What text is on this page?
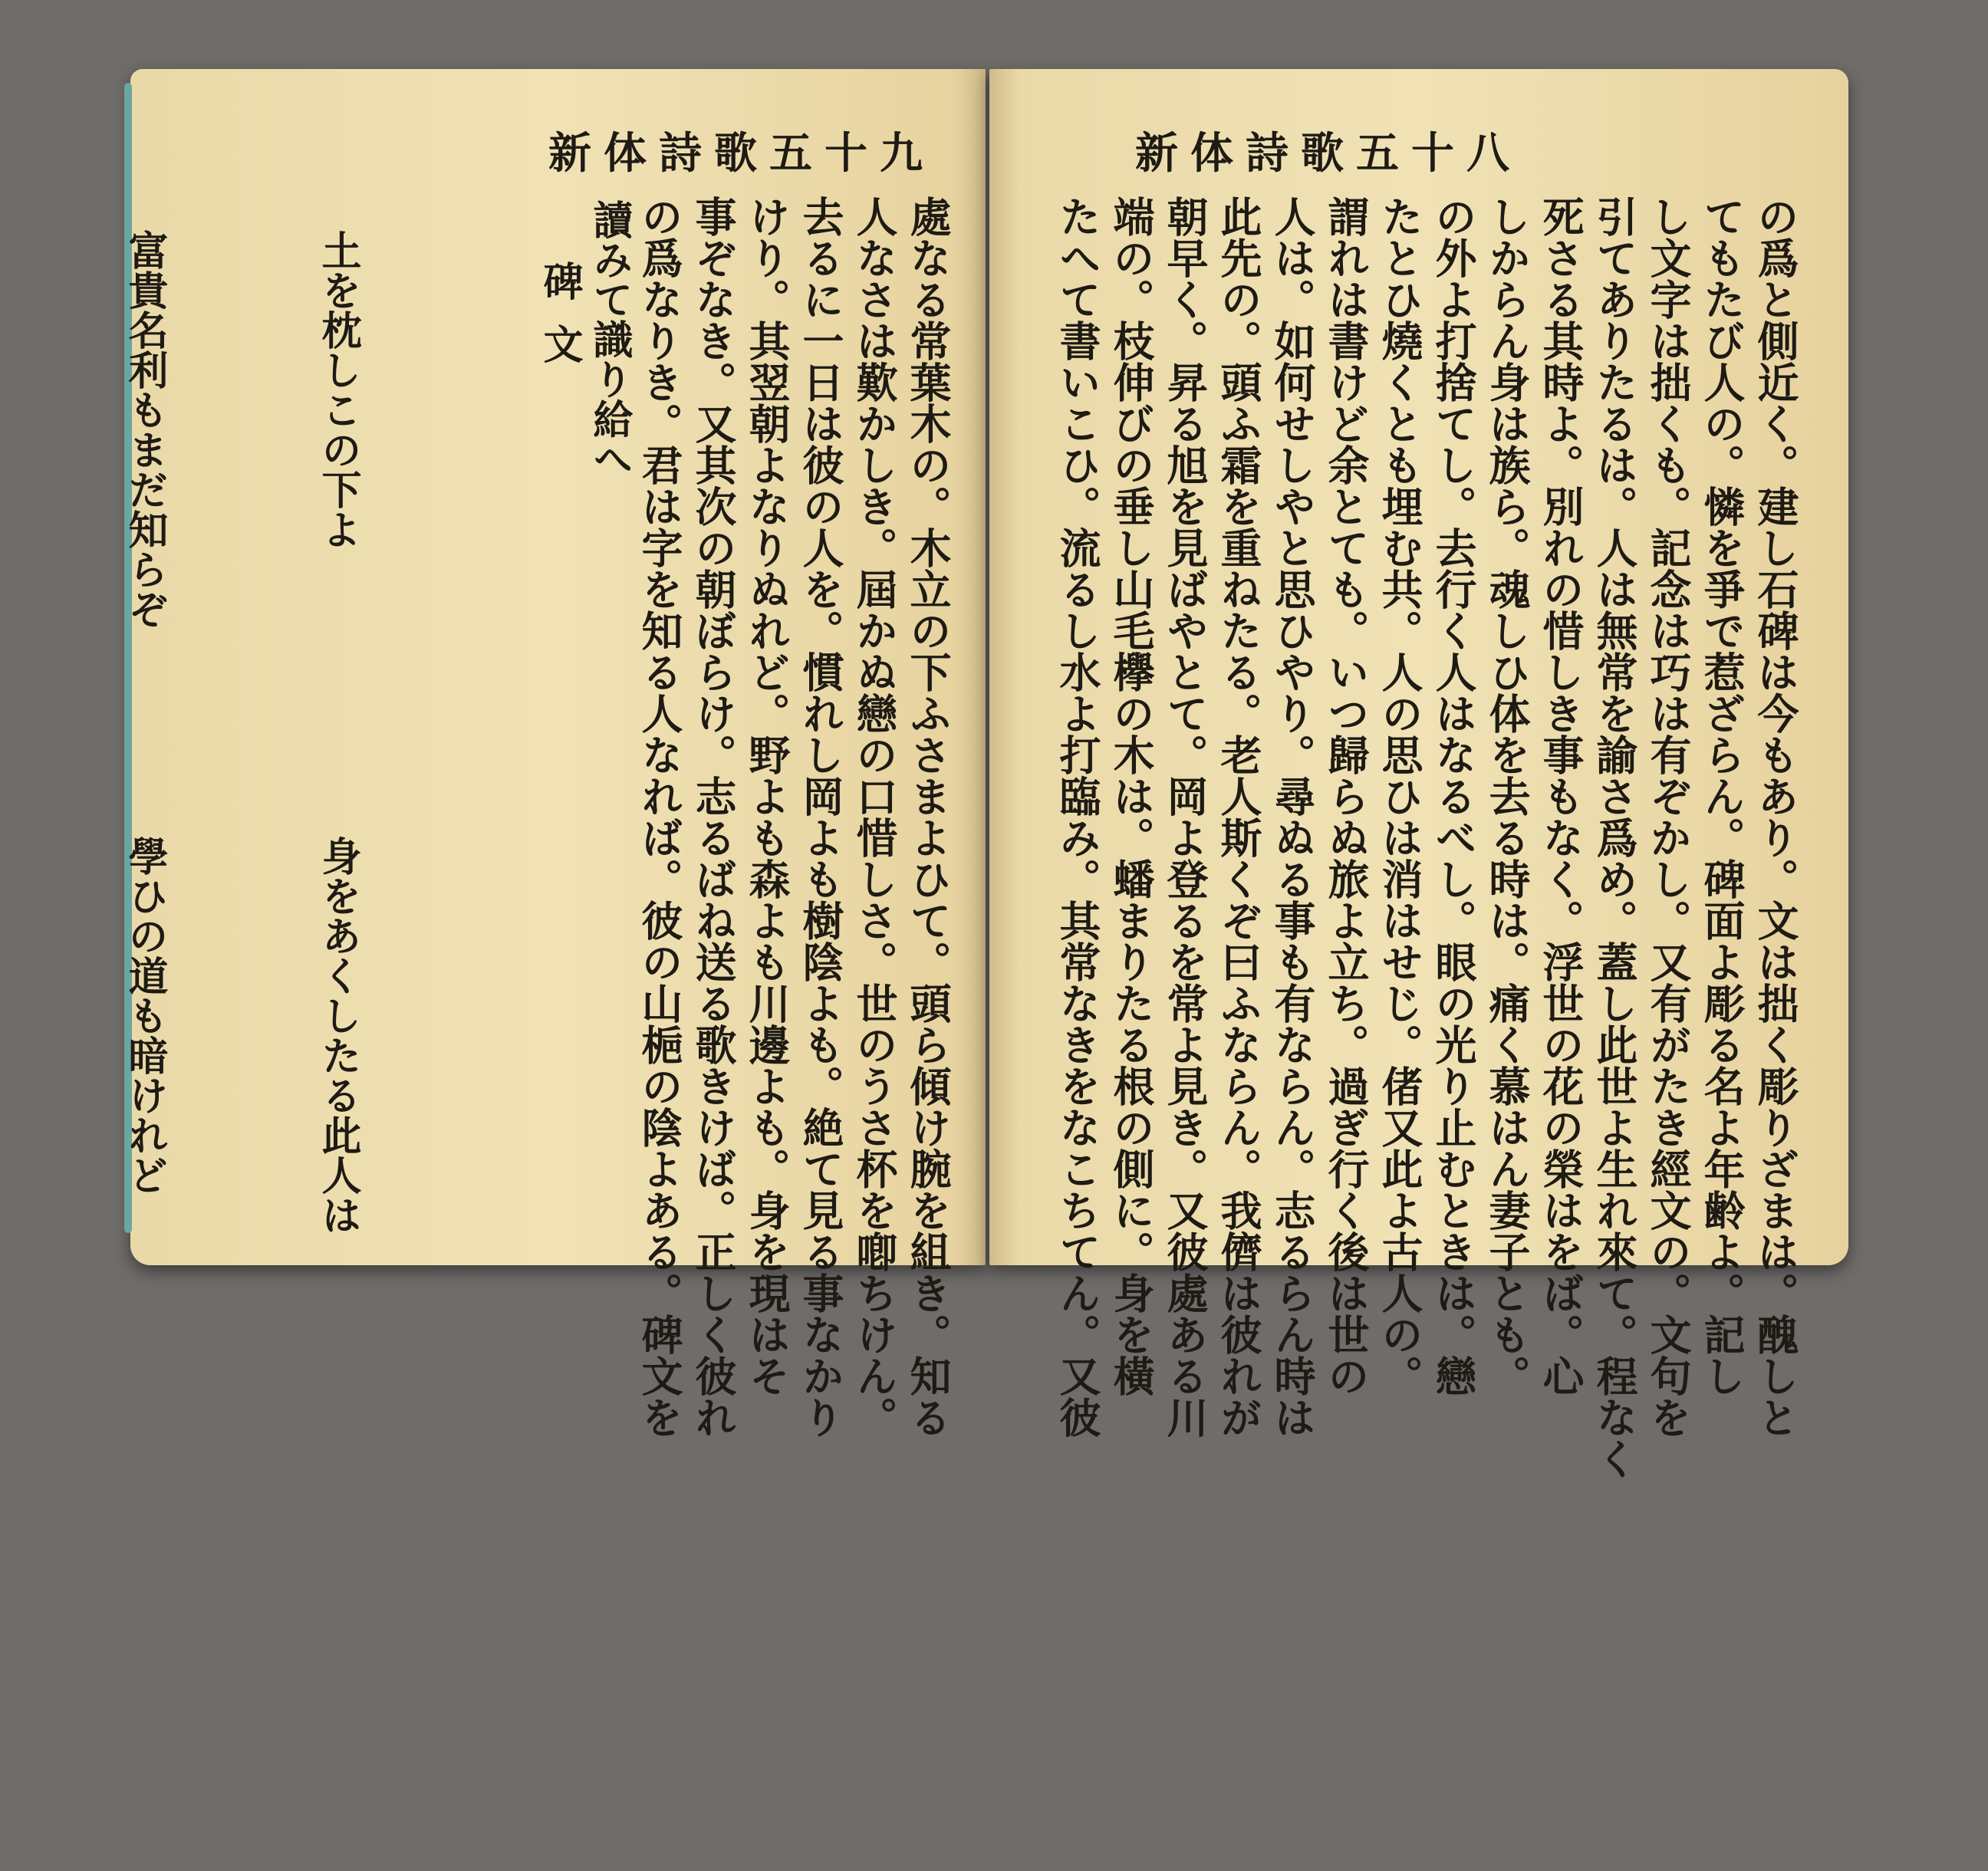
新体詩歌五十九
處なる常葉木の。木立の下ふさまよひて。頭ら傾け腕を組き。知る
人なさは歎かしき。屆かぬ戀の口惜しさ。世のうさ杯を喞ちけん。
去るに一日は彼の人を。慣れし岡よも樹陰よも。絶て見る事なかり
けり。其翌朝よなりぬれど。野よも森よも川邊よも。身を現はそ
事ぞなき。又其次の朝ぼらけ。志るばね送る歌きけば。正しく彼れ
の爲なりき。君は字を知る人なれば。彼の山梔の陰よある。碑文を
讀みて識り給へ
碑文

土を枕しこの下よ

富貴名利もまだ知らぞ

身をあくしたる此人は

學ひの道も暗けれど

新体詩歌五十八
の爲と側近く。建し石碑は今もあり。文は拙く彫りざまは。醜しと
てもたび人の。憐を爭で惹ざらん。碑面よ彫る名よ年齢よ。記し
し文字は拙くも。記念は巧は有ぞかし。又有がたき經文の。文句を
引てありたるは。人は無常を諭さ爲め。蓋し此世よ生れ來て。程なく
死さる其時よ。別れの惜しき事もなく。浮世の花の榮はをば。心
しからん身は族ら。魂しひ体を去る時は。痛く慕はん妻子とも。
の外よ打捨てし。去行く人はなるべし。眼の光り止むときは。戀
たとひ燒くとも埋む共。人の思ひは消はせじ。偖又此よ古人の。
謂れは書けど余とても。いつ歸らぬ旅よ立ち。過ぎ行く後は世の
人は。如何せしやと思ひやり。尋ぬる事も有ならん。志るらん時は
此先の。頭ふ霜を重ねたる。老人斯くぞ曰ふならん。我儕は彼れが
朝早く。昇る旭を見ばやとて。岡よ登るを常よ見き。又彼處ある川
端の。枝伸びの垂し山毛欅の木は。蟠まりたる根の側に。身を橫
たへて書いこひ。流るし水よ打臨み。其常なきをなこちてん。又彼
